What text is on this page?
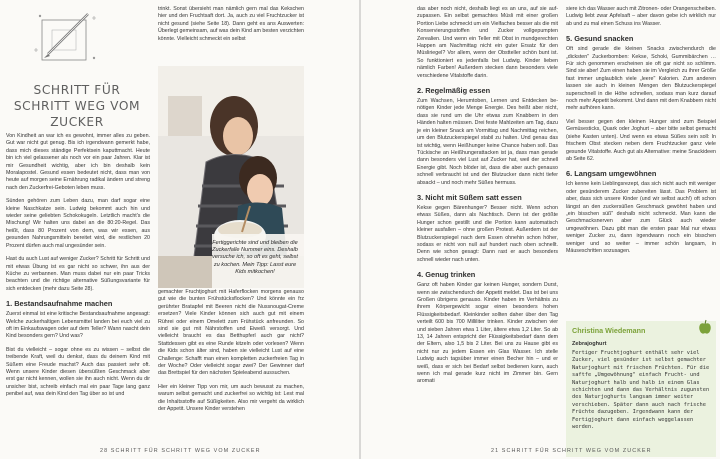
SCHRITT FÜR SCHRITT WEG VOM ZUCKER

Von Kindheit an war ich es gewohnt, immer alles zu geben. Gut war nicht gut genug. Bis ich irgendwann gemerkt habe, dass mich dieses ständige Perfektsein kaputtmacht. Heute bin ich viel gelassener als noch vor ein paar Jahren. Klar ist mir Gesundheit wichtig, aber ich bin deshalb kein Moralapostel. Gesund essen bedeutet nicht, dass man von heute auf morgen seine Ernährung radikal ändern und streng nach den Zuckerfrei-Geboten leben muss.

Sünden gehören zum Leben dazu, man darf sogar eine kleine Naschkatze sein. Ludwig bekommt auch hin und wieder seine geliebten Schokokugeln. Letztlich macht's die Mischung! Wir halten uns dabei an die 80:20-Regel. Das heißt, dass 80 Prozent von dem, was wir essen, aus gesunden Nahrungsmitteln bereitet wird, die restlichen 20 Prozent dürfen auch mal ungesünder sein.

Hast du auch Lust auf weniger Zucker? Schritt für Schritt und mit etwas Übung ist es gar nicht so schwer, ihn aus der Küche zu verbannen. Man muss dabei nur ein paar Tricks beachten und die richtige alternative Süßungsvariante für sich entdecken (mehr dazu Seite 28).

1. Bestandsaufnahme machen

Zuerst einmal ist eine kritische Bestandsaufnahme angesagt: Welche zuckerhaltigen Lebensmittel landen bei euch viel zu oft im Einkaufswagen oder auf dem Teller? Wann nascht dein Kind besonders gern? Und was?

Bist du vielleicht – sogar ohne es zu wissen – selbst die treibende Kraft, weil du denkst, dass du deinem Kind mit Süßem eine Freude machst? Auch das passiert sehr oft. Wenn unsere Kinder diesen übersüßten Geschmack aber erst gar nicht kennen, wollen sie ihn auch nicht. Wenn du dir unsicher bist, schreib einfach mal ein paar Tage lang ganz penibel auf, was dein Kind den Tag über so ist und

trinkt. Sonst übersieht man nämlich gern mal das Kekschen hier und den Fruchtsaft dort. Ja, auch zu viel Fruchtzucker ist nicht gesund (siehe Seite 18). Dann geht es ans Auswerten: Überlegt gemeinsam, auf was dein Kind am besten verzichten könnte. Vielleicht schmeckt ein selbst

Fertiggerichte sind und bleiben die Zuckerfalle Nummer eins. Deshalb versuche ich, so oft es geht, selbst zu kochen. Mein Tipp: Lasst eure Kids mitkochen!

gemachter Fruchtjoghurt mit Haferflocken morgens genauso gut wie die bunten Frühstücksflocken? Und könnte ein frz gerührter Bratapfel mit Beeren nicht die Nussnougat-Creme ersetzen? Viele Kinder können sich auch gut mit einem Rührei oder einem Omelett zum Frühstück anfreunden. So sind sie gut mit Nährstoffen und Eiweiß versorgt. Und vielleicht braucht es das Betthupferl auch gar nicht? Stattdessen gibt es eine Runde kitzeln oder vorlesen? Wenn die Kids schon älter sind, haben sie vielleicht Lust auf eine Challenge: Schafft man einen kompletten zuckerfreien Tag in der Woche? Oder vielleicht sogar zwei? Der Gewinner darf das Brettspiel für den nächsten Spieleabend aussuchen.

Hier ein kleiner Tipp von mir, um auch bewusst zu machen, warum selbst gemacht und zuckerfrei so wichtig ist: Lest mal die Inhaltsstoffe auf Süßigkeiten. Also mir vergeht da wirklich der Appetit. Unsere Kinder verstehen

28 SCHRITT FÜR SCHRITT WEG VOM ZUCKER

das aber noch nicht, deshalb liegt es an uns, auf sie aufzupassen. Ein selbst gemachtes Müsli mit einer großen Portion Liebe schmeckt um ein Vielfaches besser als die mit Konservierungsstoffen und Zucker vollgepumpten Zerealien. Und wenn ein Teller mit Obst in mundgerechten Happen am Nachmittag nicht ein guter Ersatz für den Müsliriegel? Vor allem, wenn der Obstteller schön bunt ist. So funktioniert es jedenfalls bei Ludwig. Kinder lieben nämlich Farben! Außerdem stecken dann besonders viele verschiedene Vitalstoffe darin.

2. Regelmäßig essen

Zum Wachsen, Herumtoben, Lernen und Entdecken benötigen Kinder jede Menge Energie. Des heißt aber nicht, dass sie rund um die Uhr etwas zum Knabbern in den Händen halten müssen. Drei feste Mahlzeiten am Tag, dazu je ein kleiner Snack am Vormittag und Nachmittag reichen, um den Blutzuckerspiegel stabil zu halten. Und genau das ist wichtig, wenn Heißhunger keine Chance haben soll. Das Tückische an Heißhungerattacken ist ja, dass man gerade dann besonders viel Lust auf Zucker hat, weil der schnell Energie gibt. Noch blöder ist, dass die aber auch genauso schnell verbraucht ist und der Blutzucker dann nicht tiefer absackt – und noch mehr Süßes hermuss.

3. Nicht mit Süßem satt essen

Kekse gegen Bärenhunger? Besser nicht. Wenn schon etwas Süßes, dann als Nachtisch. Denn ist der größte Hunger schon gestillt und die Portion kann automatisch kleiner ausfallen – ohne großen Protest. Außerdem ist der Blutzuckerspiegel nach dem Essen ohnehin schon höher, sodass er nicht von null auf hundert nach oben schnellt. Denn wie schon gesagt: Dann rast er auch besonders schnell wieder nach unten.

4. Genug trinken

Ganz oft haben Kinder gar keinen Hunger, sondern Durst, wenn sie zwischendurch der Appetit meldet. Das ist bei uns Großen übrigens genauso. Kinder haben im Verhältnis zu ihrem Körpergewicht sogar einen besonders hohen Flüssigkeitsbedarf. Kleinkinder sollten daher über den Tag verteilt 600 bis 700 Milliliter trinken. Kinder zwischen vier und sieben Jahren etwa 1 Liter, ältere etwa 1,2 Liter. So ab 13, 14 Jahren entspricht der Flüssigkeitsbedarf dann dem der Eltern, also 1,5 bis 2 Liter. Bei uns zu Hause gibt es nicht nur zu jedem Essen ein Glas Wasser. Ich stelle Ludwig auch tagsüber immer einen Becher hin – und er weiß, dass er sich bei Bedarf selbst bedienen kann, auch wenn ich mal gerade kurz nicht im Zimmer bin. Gern aromati

siere ich das Wasser auch mit Zitronen- oder Orangenscheiben. Ludwig liebt zwar Apfelsaft – aber davon gebe ich wirklich nur ab und zu mal einen Schuss ins Wasser.

5. Gesund snacken

Oft sind gerade die kleinen Snacks zwischendurch die „dicksten" Zuckerbomben: Kekse, Schoki, Gummibärchen … Für sich genommen erscheinen sie oft gar nicht so schlimm. Sind sie aber! Zum einen haben sie im Vergleich zu ihrer Größe fast immer unglaublich viele „leere" Kalorien. Zum anderen lassen sie auch in kleinen Mengen den Blutzuckerspiegel superschnell in die Höhe schnellen, sodass man kurz darauf noch mehr Appetit bekommt. Und dann mit dem Knabbern nicht mehr aufhören kann.

Viel besser gegen den kleinen Hunger sind zum Beispiel Gemüsesticks, Quark oder Joghurt – aber bitte selbst gemacht (siehe Kasten unten). Und wenn es etwas Süßes sein soll: In frischem Obst stecken neben dem Fruchtzucker ganz viele gesunde Vitalstoffe. Auch gut als Alternative: meine Snackideen ab Seite 62.

6. Langsam umgewöhnen

Ich kenne kein Lieblingsrezept, das sich nicht auch mit weniger oder gesünderem Zucker zubereiten lässt. Das Problem ist aber, dass sich unsere Kinder (und wir selbst auch!) oft schon längst an den zuckersüßen Geschmack gewöhnt haben und „ein bisschen süß" deshalb nicht schmeckt. Man kann die Geschmacksnerven aber zum Glück auch wieder umgewöhnen. Dazu gibt man die ersten paar Mal nur etwas weniger Zucker zu, dann irgendwann noch ein bisschen weniger und so weiter – immer schön langsam, in Mäuseschritten sozusagen.

Christina Wiedemann
Zebrajoghurt
Fertiger Fruchtjoghurt enthält sehr viel Zucker, viel gesünder ist selbst gemachter Naturjoghurt mit frischen Früchten. Für die saftfe „Umgewöhnung" einfach Frucht- und Naturjoghurt halb und halb in einem Glas schichten und dann das Verhältnis zugunsten des Naturjoghurts langsam immer weiter verschieben. Später dann auch nach frische Früchte dazugeben. Irgendwann kann der Fertigjoghurt dann einfach weggelassen werden.
21 SCHRITT FÜR SCHRITT WEG VOM ZUCKER
